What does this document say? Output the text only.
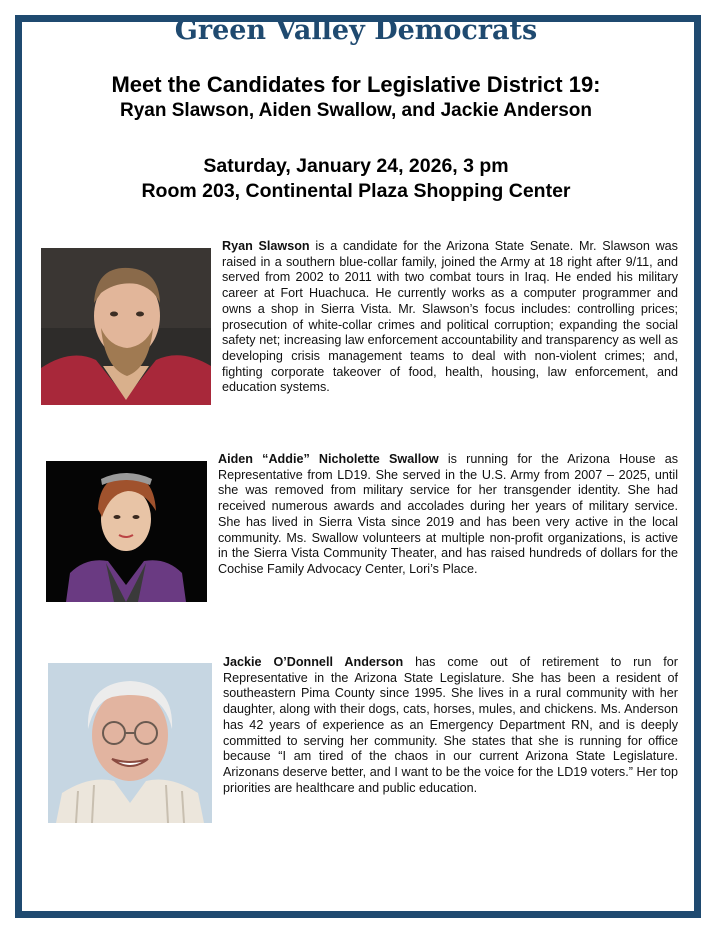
Green Valley Democrats
Meet the Candidates for Legislative District 19:
Ryan Slawson, Aiden Swallow, and Jackie Anderson
Saturday, January 24, 2026, 3 pm
Room 203, Continental Plaza Shopping Center

Ryan Slawson is a candidate for the Arizona State Senate. Mr. Slawson was raised in a southern blue-collar family, joined the Army at 18 right after 9/11, and served from 2002 to 2011 with two combat tours in Iraq. He ended his military career at Fort Huachuca. He currently works as a computer programmer and owns a shop in Sierra Vista. Mr. Slawson’s focus includes: controlling prices; prosecution of white-collar crimes and political corruption; expanding the social safety net; increasing law enforcement accountability and transparency as well as developing crisis management teams to deal with non-violent crimes; and, fighting corporate takeover of food, health, housing, law enforcement, and education systems.

Aiden “Addie” Nicholette Swallow is running for the Arizona House as Representative from LD19. She served in the U.S. Army from 2007 – 2025, until she was removed from military service for her transgender identity. She had received numerous awards and accolades during her years of military service. She has lived in Sierra Vista since 2019 and has been very active in the local community. Ms. Swallow volunteers at multiple non-profit organizations, is active in the Sierra Vista Community Theater, and has raised hundreds of dollars for the Cochise Family Advocacy Center, Lori’s Place.

Jackie O’Donnell Anderson has come out of retirement to run for Representative in the Arizona State Legislature. She has been a resident of southeastern Pima County since 1995. She lives in a rural community with her daughter, along with their dogs, cats, horses, mules, and chickens. Ms. Anderson has 42 years of experience as an Emergency Department RN, and is deeply committed to serving her community. She states that she is running for office because “I am tired of the chaos in our current Arizona State Legislature. Arizonans deserve better, and I want to be the voice for the LD19 voters.” Her top priorities are healthcare and public education.
